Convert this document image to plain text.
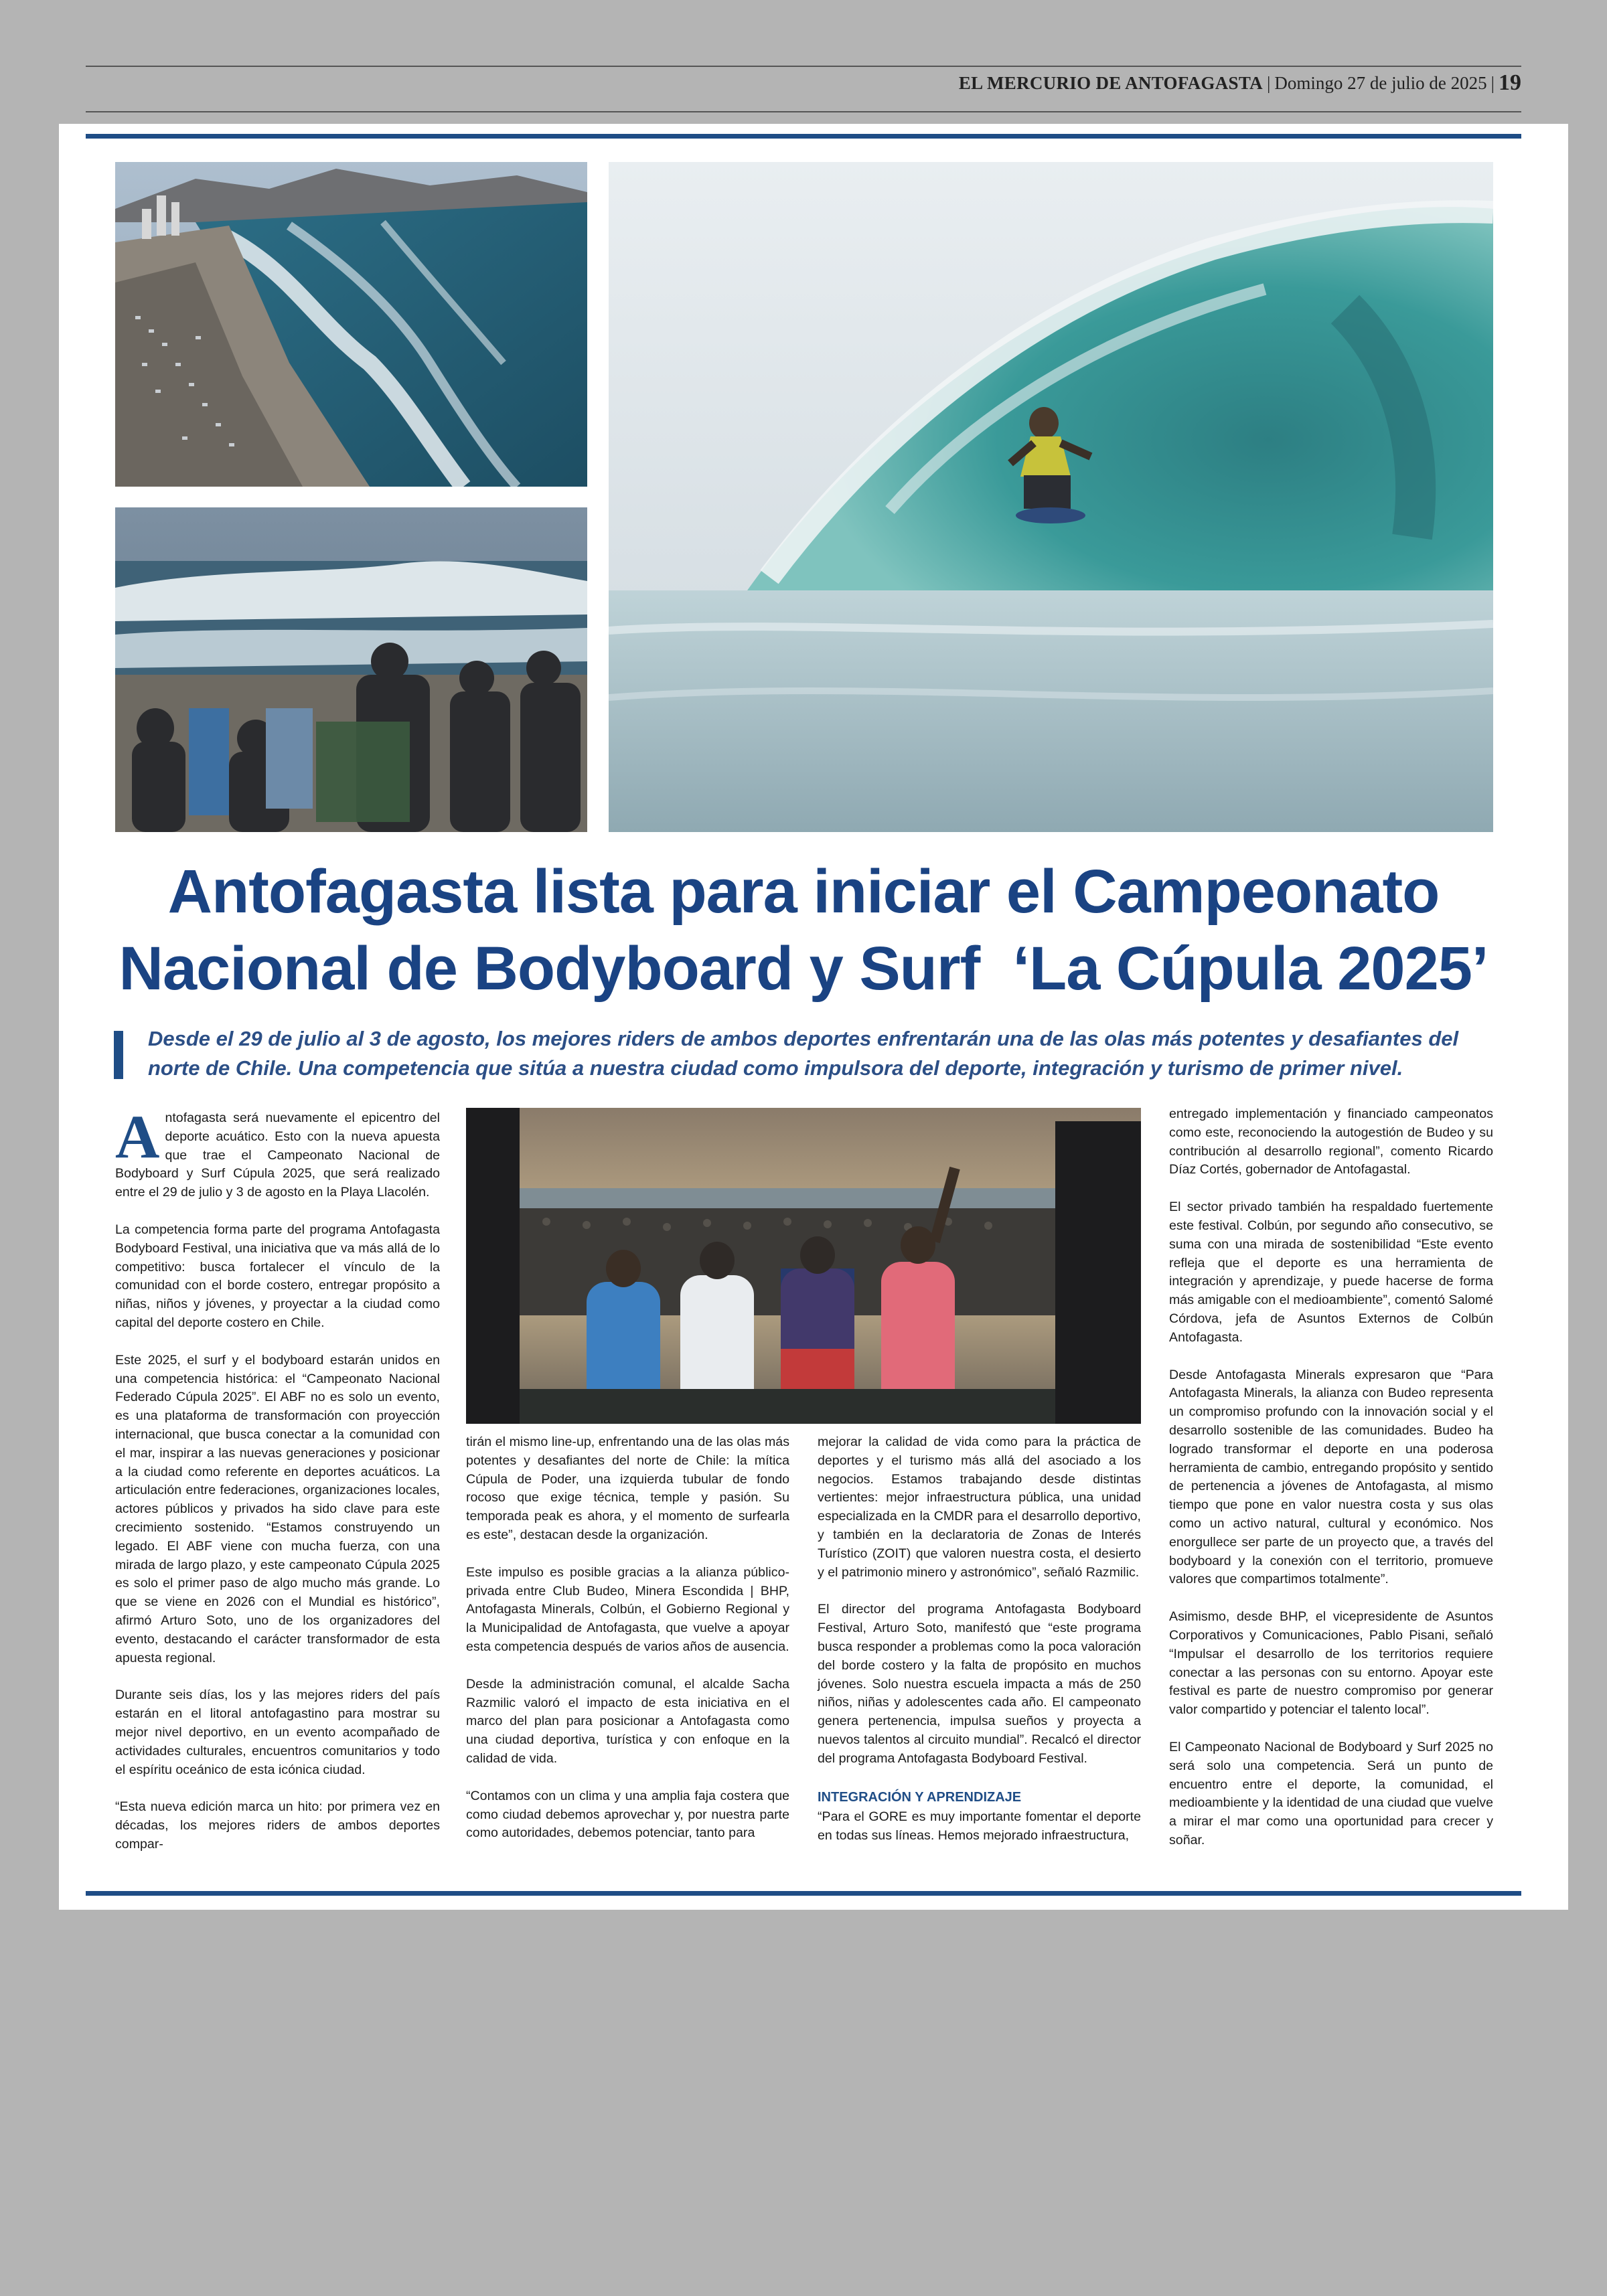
EL MERCURIO DE ANTOFAGASTA | Domingo 27 de julio de 2025 | 19
Antofagasta lista para iniciar el Campeonato
Nacional de Bodyboard y Surf  ‘La Cúpula 2025’
Desde el 29 de julio al 3 de agosto, los mejores riders de ambos deportes enfrentarán una de las olas más potentes y desafiantes del norte de Chile. Una competencia que sitúa a nuestra ciudad como impulsora del deporte, integración y turismo de primer nivel.

Antofagasta será nuevamente el epicentro del deporte acuático. Esto con la nueva apuesta que trae el Campeonato Nacional de Bodyboard y Surf Cúpula 2025, que será realizado entre el 29 de julio y 3 de agosto en la Playa Llacolén.

La competencia forma parte del programa Antofagasta Bodyboard Festival, una iniciativa que va más allá de lo competitivo: busca fortalecer el vínculo de la comunidad con el borde costero, entregar propósito a niñas, niños y jóvenes, y proyectar a la ciudad como capital del deporte costero en Chile.

Este 2025, el surf y el bodyboard estarán unidos en una competencia histórica: el “Campeonato Nacional Federado Cúpula 2025”. El ABF no es solo un evento, es una plataforma de transformación con proyección internacional, que busca conectar a la comunidad con el mar, inspirar a las nuevas generaciones y posicionar a la ciudad como referente en deportes acuáticos. La articulación entre federaciones, organizaciones locales, actores públicos y privados ha sido clave para este crecimiento sostenido. “Estamos construyendo un legado. El ABF viene con mucha fuerza, con una mirada de largo plazo, y este campeonato Cúpula 2025 es solo el primer paso de algo mucho más grande. Lo que se viene en 2026 con el Mundial es histórico”, afirmó Arturo Soto, uno de los organizadores del evento, destacando el carácter transformador de esta apuesta regional.

Durante seis días, los y las mejores riders del país estarán en el litoral antofagastino para mostrar su mejor nivel deportivo, en un evento acompañado de actividades culturales, encuentros comunitarios y todo el espíritu oceánico de esta icónica ciudad.

“Esta nueva edición marca un hito: por primera vez en décadas, los mejores riders de ambos deportes compar-

tirán el mismo line-up, enfrentando una de las olas más potentes y desafiantes del norte de Chile: la mítica Cúpula de Poder, una izquierda tubular de fondo rocoso que exige técnica, temple y pasión. Su temporada peak es ahora, y el momento de surfearla es este”, destacan desde la organización.

Este impulso es posible gracias a la alianza público-privada entre Club Budeo, Minera Escondida | BHP, Antofagasta Minerals, Colbún, el Gobierno Regional y la Municipalidad de Antofagasta, que vuelve a apoyar esta competencia después de varios años de ausencia.

Desde la administración comunal, el alcalde Sacha Razmilic valoró el impacto de esta iniciativa en el marco del plan para posicionar a Antofagasta como una ciudad deportiva, turística y con enfoque en la calidad de vida.

“Contamos con un clima y una amplia faja costera que como ciudad debemos aprovechar y, por nuestra parte como autoridades, debemos potenciar, tanto para

mejorar la calidad de vida como para la práctica de deportes y el turismo más allá del asociado a los negocios. Estamos trabajando desde distintas vertientes: mejor infraestructura pública, una unidad especializada en la CMDR para el desarrollo deportivo, y también en la declaratoria de Zonas de Interés Turístico (ZOIT) que valoren nuestra costa, el desierto y el patrimonio minero y astronómico”, señaló Razmilic.

El director del programa Antofagasta Bodyboard Festival, Arturo Soto, manifestó que “este programa busca responder a problemas como la poca valoración del borde costero y la falta de propósito en muchos jóvenes. Solo nuestra escuela impacta a más de 250 niños, niñas y adolescentes cada año. El campeonato genera pertenencia, impulsa sueños y proyecta a nuevos talentos al circuito mundial”. Recalcó el director del programa Antofagasta Bodyboard Festival.

INTEGRACIÓN Y APRENDIZAJE

“Para el GORE es muy importante fomentar el deporte en todas sus líneas. Hemos mejorado infraestructura,

entregado implementación y financiado campeonatos como este, reconociendo la autogestión de Budeo y su contribución al desarrollo regional”, comento Ricardo Díaz Cortés, gobernador de Antofagastal.

El sector privado también ha respaldado fuertemente este festival. Colbún, por segundo año consecutivo, se suma con una mirada de sostenibilidad “Este evento refleja que el deporte es una herramienta de integración y aprendizaje, y puede hacerse de forma más amigable con el medioambiente”, comentó Salomé Córdova, jefa de Asuntos Externos de Colbún Antofagasta.

Desde Antofagasta Minerals expresaron que “Para Antofagasta Minerals, la alianza con Budeo representa un compromiso profundo con la innovación social y el desarrollo sostenible de las comunidades. Budeo ha logrado transformar el deporte en una poderosa herramienta de cambio, entregando propósito y sentido de pertenencia a jóvenes de Antofagasta, al mismo tiempo que pone en valor nuestra costa y sus olas como un activo natural, cultural y económico. Nos enorgullece ser parte de un proyecto que, a través del bodyboard y la conexión con el territorio, promueve valores que compartimos totalmente”.

Asimismo, desde BHP, el vicepresidente de Asuntos Corporativos y Comunicaciones, Pablo Pisani, señaló “Impulsar el desarrollo de los territorios requiere conectar a las personas con su entorno. Apoyar este festival es parte de nuestro compromiso por generar valor compartido y potenciar el talento local”.

El Campeonato Nacional de Bodyboard y Surf 2025 no será solo una competencia. Será un punto de encuentro entre el deporte, la comunidad, el medioambiente y la identidad de una ciudad que vuelve a mirar el mar como una oportunidad para crecer y soñar.
